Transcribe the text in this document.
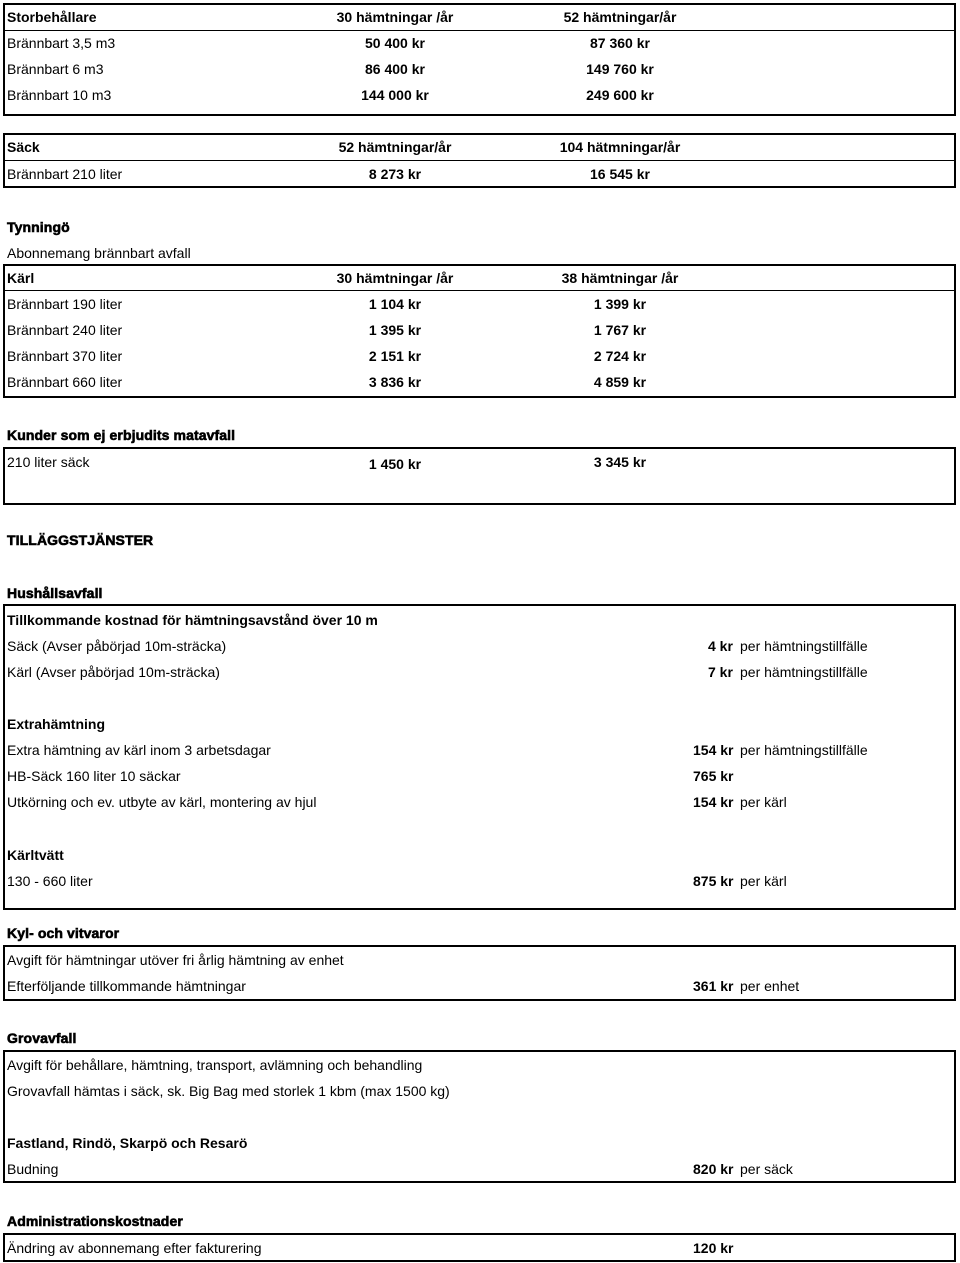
Storbehållare	30 hämtningar /år	52 hämtningar/år
Brännbart 3,5 m3	50 400 kr	87 360 kr
Brännbart 6 m3	86 400 kr	149 760 kr
Brännbart 10 m3	144 000 kr	249 600 kr
Säck	52 hämtningar/år	104 hätmningar/år
Brännbart 210 liter	8 273 kr	16 545 kr
Tynningö
Abonnemang brännbart avfall
Kärl	30 hämtningar /år	38 hämtningar /år
Brännbart 190 liter	1 104 kr	1 399 kr
Brännbart 240 liter	1 395 kr	1 767 kr
Brännbart 370 liter	2 151 kr	2 724 kr
Brännbart 660 liter	3 836 kr	4 859 kr
Kunder som ej erbjudits matavfall
210 liter säck	1 450 kr	3 345 kr
TILLÄGGSTJÄNSTER
Hushållsavfall
Tillkommande kostnad för hämtningsavstånd över 10 m
Säck (Avser påbörjad 10m-sträcka)	4 kr per hämtningstillfälle
Kärl (Avser påbörjad 10m-sträcka)	7 kr per hämtningstillfälle
Extrahämtning
Extra hämtning av kärl inom 3 arbetsdagar	154 kr per hämtningstillfälle
HB-Säck 160 liter 10 säckar	765 kr
Utkörning och ev. utbyte av kärl, montering av hjul	154 kr per kärl
Kärltvätt
130 - 660 liter	875 kr per kärl
Kyl- och vitvaror
Avgift för hämtningar utöver fri årlig hämtning av enhet
Efterföljande tillkommande hämtningar	361 kr per enhet
Grovavfall
Avgift för behållare, hämtning, transport, avlämning och behandling
Grovavfall hämtas i säck, sk. Big Bag med storlek 1 kbm (max 1500 kg)
Fastland, Rindö, Skarpö och Resarö
Budning	820 kr per säck
Administrationskostnader
Ändring av abonnemang efter fakturering	120 kr
